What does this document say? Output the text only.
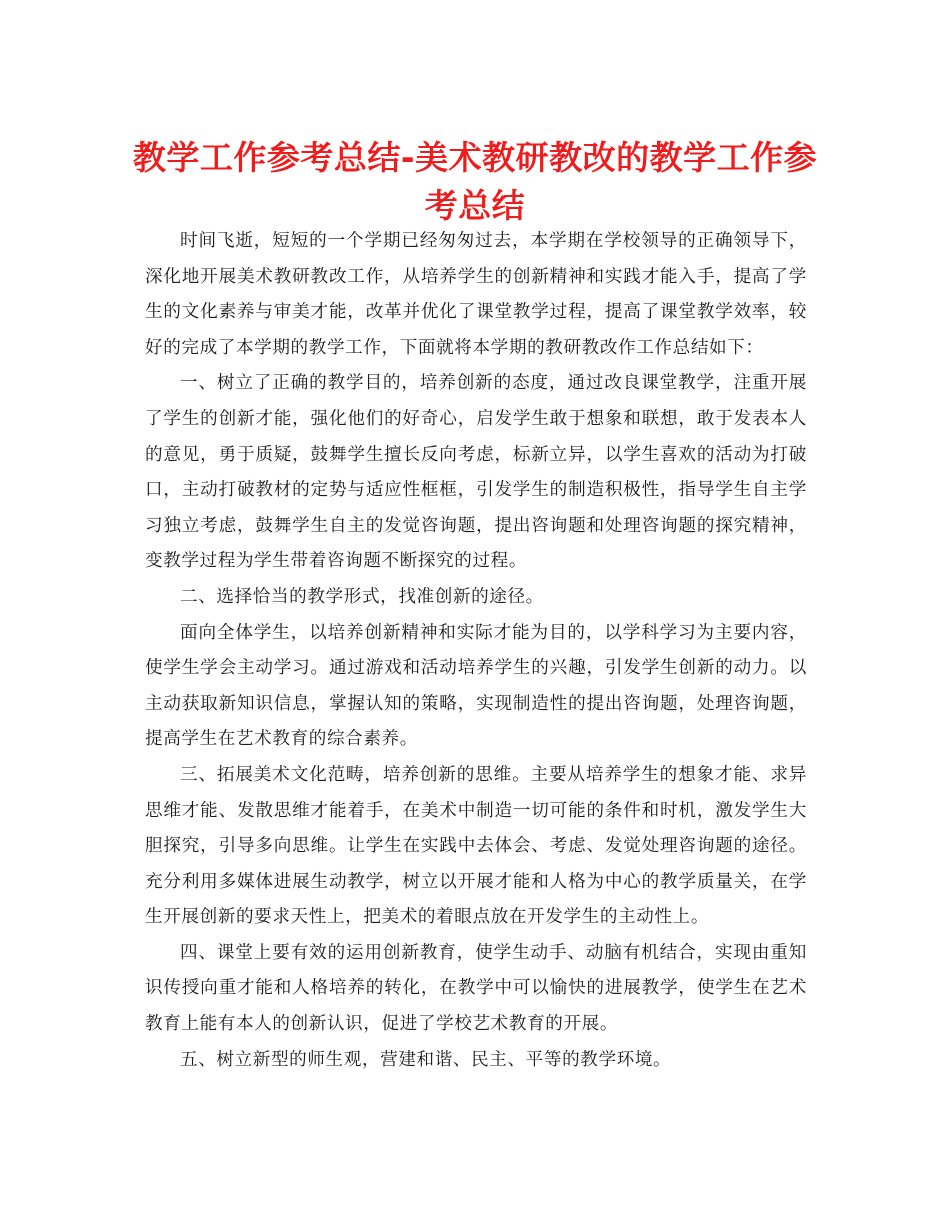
教学工作参考总结-美术教研教改的教学工作参考总结

时间飞逝，短短的一个学期已经匆匆过去，本学期在学校领导的正确领导下，深化地开展美术教研教改工作，从培养学生的创新精神和实践才能入手，提高了学生的文化素养与审美才能，改革并优化了课堂教学过程，提高了课堂教学效率，较好的完成了本学期的教学工作，下面就将本学期的教研教改作工作总结如下：

一、树立了正确的教学目的，培养创新的态度，通过改良课堂教学，注重开展了学生的创新才能，强化他们的好奇心，启发学生敢于想象和联想，敢于发表本人的意见，勇于质疑，鼓舞学生擅长反向考虑，标新立异，以学生喜欢的活动为打破口，主动打破教材的定势与适应性框框，引发学生的制造积极性，指导学生自主学习独立考虑，鼓舞学生自主的发觉咨询题，提出咨询题和处理咨询题的探究精神，变教学过程为学生带着咨询题不断探究的过程。

二、选择恰当的教学形式，找准创新的途径。

面向全体学生，以培养创新精神和实际才能为目的，以学科学习为主要内容，使学生学会主动学习。通过游戏和活动培养学生的兴趣，引发学生创新的动力。以主动获取新知识信息，掌握认知的策略，实现制造性的提出咨询题，处理咨询题，提高学生在艺术教育的综合素养。

三、拓展美术文化范畴，培养创新的思维。主要从培养学生的想象才能、求异思维才能、发散思维才能着手，在美术中制造一切可能的条件和时机，激发学生大胆探究，引导多向思维。让学生在实践中去体会、考虑、发觉处理咨询题的途径。充分利用多媒体进展生动教学，树立以开展才能和人格为中心的教学质量关，在学生开展创新的要求天性上，把美术的着眼点放在开发学生的主动性上。

四、课堂上要有效的运用创新教育，使学生动手、动脑有机结合，实现由重知识传授向重才能和人格培养的转化，在教学中可以愉快的进展教学，使学生在艺术教育上能有本人的创新认识，促进了学校艺术教育的开展。

五、树立新型的师生观，营建和谐、民主、平等的教学环境。
